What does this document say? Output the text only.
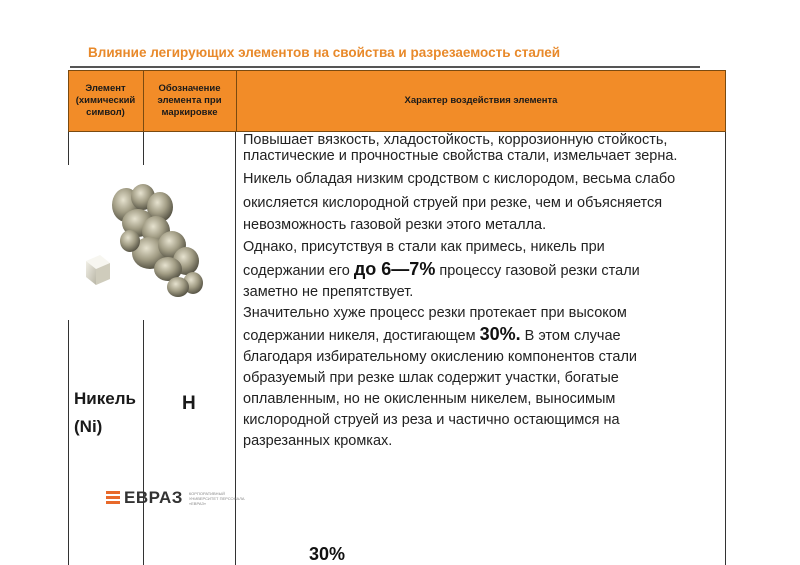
Влияние легирующих элементов на свойства и разрезаемость сталей
Элемент (химический символ)
Обозначение элемента при маркировке
Характер воздействия элемента
Никель (Ni)
Н

Повышает вязкость, хладостойкость, коррозионную стойкость, пластические и прочностные свойства стали, измельчает зерна.

Никель обладая низким сродством с кислородом, весьма слабо

окисляется кислородной струей при резке, чем и объясняется

невозможность газовой резки этого металла.

Однако, присутствуя в стали как примесь, никель при

содержании его до 6—7% процессу газовой резки стали

заметно не препятствует.

Значительно хуже процесс резки протекает при высоком

содержании никеля, достигающем 30%. В этом случае

благодаря избирательному окислению компонентов стали

образуемый при резке шлак содержит участки, богатые

оплавленным, но не окисленным никелем, выносимым

кислородной струей из реза и частично остающимся на

разрезанных кромках.

30%
ЕВРАЗ КОРПОРАТИВНЫЙ УНИВЕРСИТЕТ ПЕРСОНАЛА «ЕВРАЗ»
